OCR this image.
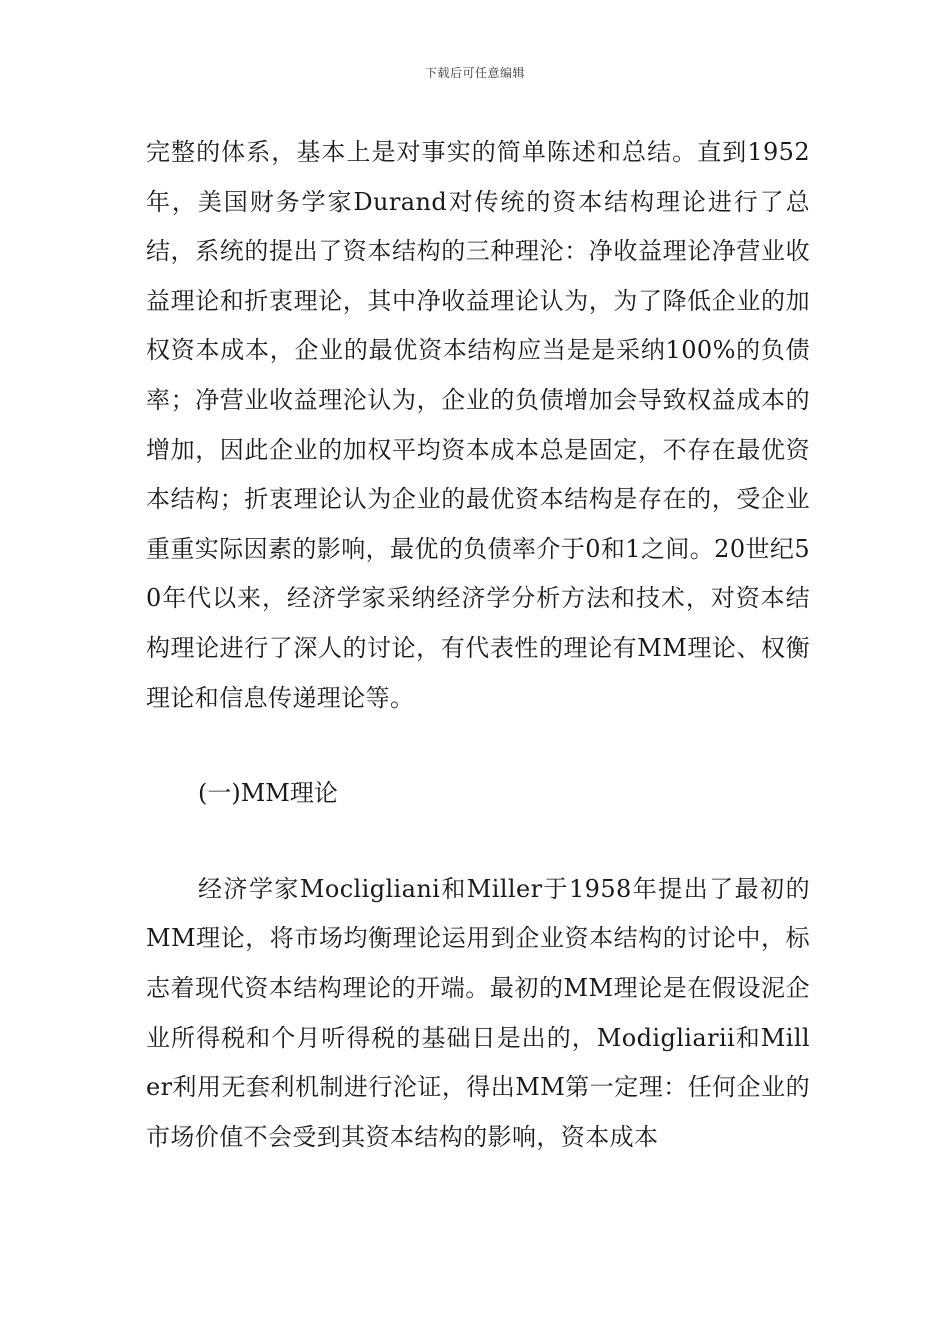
下载后可任意编辑

完整的体系，基本上是对事实的简单陈述和总结。直到1952年，美国财务学家Durand对传统的资本结构理论进行了总结，系统的提出了资本结构的三种理沦：净收益理论净营业收益理论和折衷理论，其中净收益理论认为，为了降低企业的加权资本成本，企业的最优资本结构应当是是采纳100%的负债率；净营业收益理沦认为，企业的负债增加会导致权益成本的增加，因此企业的加权平均资本成本总是固定，不存在最优资本结构；折衷理论认为企业的最优资本结构是存在的，受企业重重实际因素的影响，最优的负债率介于0和1之间。20世纪50年代以来，经济学家采纳经济学分析方法和技术，对资本结构理论进行了深人的讨论，有代表性的理论有MM理论、权衡理论和信息传递理论等。

(一)MM理论

经济学家Mocligliani和Miller于1958年提出了最初的MM理论，将市场均衡理论运用到企业资本结构的讨论中，标志着现代资本结构理论的开端。最初的MM理论是在假设泥企业所得税和个月听得税的基础日是出的，Modigliarii和Miller利用无套利机制进行沦证，得出MM第一定理：任何企业的市场价值不会受到其资本结构的影响，资本成本
